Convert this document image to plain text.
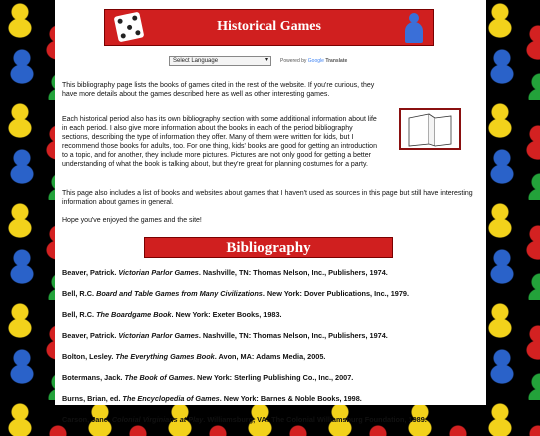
Historical Games
Select Language	▾ Powered by Google Translate

This bibliography page lists the books of games cited in the rest of the website. If you're curious, they have more details about the games described here as well as other interesting games.

Each historical period also has its own bibliography section with some additional information about life in each period. I also give more information about the books in each of the period bibliography sections, describing the type of information they offer. Many of them were written for kids, but I recommend those books for adults, too. For one thing, kids' books are good for getting an introduction to a topic, and for another, they include more pictures. Pictures are not only good for getting a better understanding of what the book is talking about, but they're great for planning costumes for a party.

This page also includes a list of books and websites about games that I haven't used as sources in this page but still have interesting information about games in general.

Hope you've enjoyed the games and the site!

Bibliography
Beaver, Patrick. Victorian Parlor Games. Nashville, TN: Thomas Nelson, Inc., Publishers, 1974.
Bell, R.C. Board and Table Games from Many Civilizations. New York: Dover Publications, Inc., 1979.
Bell, R.C. The Boardgame Book. New York: Exeter Books, 1983.
Beaver, Patrick. Victorian Parlor Games. Nashville, TN: Thomas Nelson, Inc., Publishers, 1974.
Bolton, Lesley. The Everything Games Book. Avon, MA: Adams Media, 2005.
Botermans, Jack. The Book of Games. New York: Sterling Publishing Co., Inc., 2007.
Burns, Brian, ed. The Encyclopedia of Games. New York: Barnes & Noble Books, 1998.
Carson, Jane. Colonial Virginians at Play. Williamsburg, VA: The Colonial Williamsburg Foundation, 1989.
